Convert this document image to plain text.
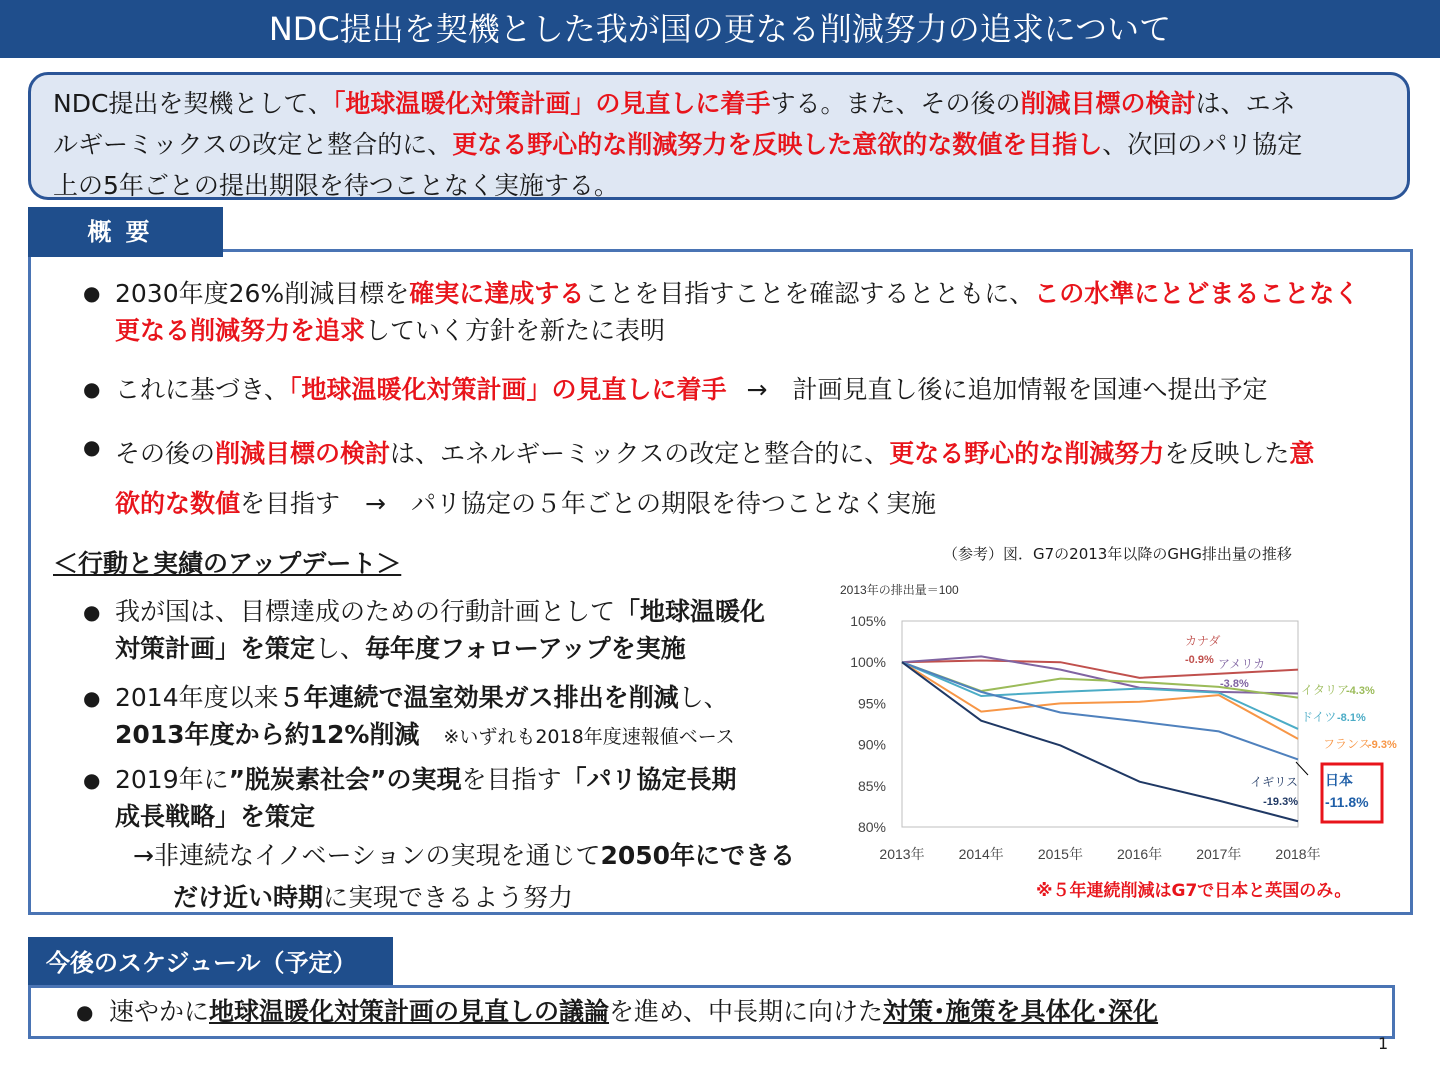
NDC提出を契機とした我が国の更なる削減努力の追求について
NDC提出を契機として、「地球温暖化対策計画」の見直しに着手する。また、その後の削減目標の検討は、エネ
ルギーミックスの改定と整合的に、更なる野心的な削減努力を反映した意欲的な数値を目指し、次回のパリ協定
上の5年ごとの提出期限を待つことなく実施する。
● 2030年度26%削減目標を確実に達成することを目指すことを確認するとともに、この水準にとどまることなく
更なる削減努力を追求していく方針を新たに表明
● これに基づき、「地球温暖化対策計画」の見直しに着手 →　計画見直し後に追加情報を国連へ提出予定
● その後の削減目標の検討は、エネルギーミックスの改定と整合的に、更なる野心的な削減努力を反映した意
欲的な数値を目指す　→　パリ協定の５年ごとの期限を待つことなく実施
＜行動と実績のアップデート＞
● 我が国は、目標達成のための行動計画として「地球温暖化
対策計画」を策定し、毎年度フォローアップを実施
● 2014年度以来５年連続で温室効果ガス排出を削減し、
2013年度から約12%削減 ※いずれも2018年度速報値ベース
● 2019年に”脱炭素社会”の実現を目指す「パリ協定長期
成長戦略」を策定
→非連続なイノベーションの実現を通じて2050年にできる
だけ近い時期に実現できるよう努力
（参考）図．G7の2013年以降のGHG排出量の推移
※５年連続削減はG7で日本と英国のみ。
概要
2013年の排出量＝100
105%
100%
95%
90%
85%
80%
2013年 2014年 2015年 2016年 2017年 2018年
カナダ
-0.9% アメリカ
-3.8%	イタリア
-4.3%
ドイツ -8.1%
フランス
-9.3%
日本
-11.8%
イギリス
-19.3%
今後のスケジュール（予定）
● 速やかに地球温暖化対策計画の見直しの議論を進め、中長期に向けた対策･施策を具体化･深化
1
